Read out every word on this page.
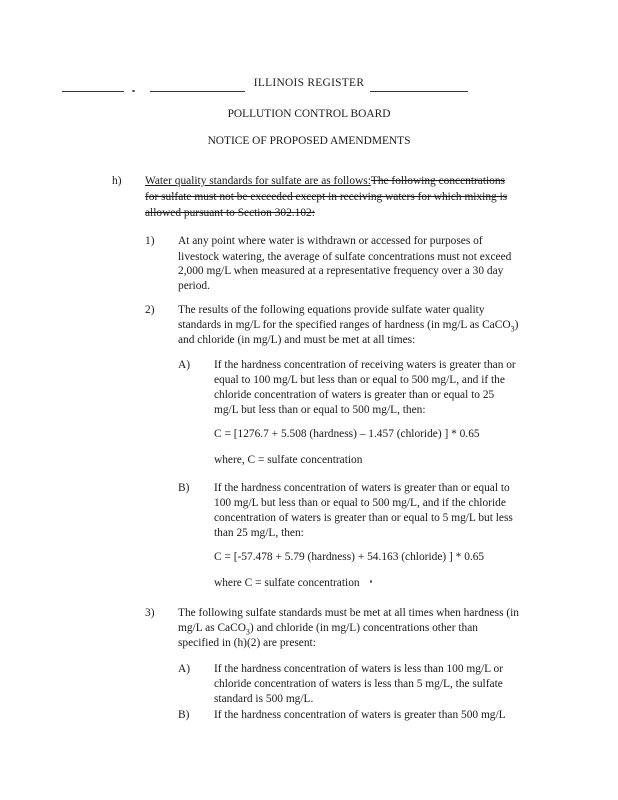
ILLINOIS REGISTER
POLLUTION CONTROL BOARD
NOTICE OF PROPOSED AMENDMENTS
h) Water quality standards for sulfate are as follows:The following concentrations
for sulfate must not be exceeded except in receiving waters for which mixing is
allowed pursuant to Section 302.102:
1) At any point where water is withdrawn or accessed for purposes of
livestock watering, the average of sulfate concentrations must not exceed
2,000 mg/L when measured at a representative frequency over a 30 day
period.
2) The results of the following equations provide sulfate water quality
standards in mg/L for the specified ranges of hardness (in mg/L as CaCO$_3$)
and chloride (in mg/L) and must be met at all times:
A) If the hardness concentration of receiving waters is greater than or
equal to 100 mg/L but less than or equal to 500 mg/L, and if the
chloride concentration of waters is greater than or equal to 25
mg/L but less than or equal to 500 mg/L, then:
C = [1276.7 + 5.508 (hardness) – 1.457 (chloride) ] * 0.65
where, C = sulfate concentration
B) If the hardness concentration of waters is greater than or equal to
100 mg/L but less than or equal to 500 mg/L, and if the chloride
concentration of waters is greater than or equal to 5 mg/L but less
than 25 mg/L, then:
C = [-57.478 + 5.79 (hardness) + 54.163 (chloride) ] * 0.65
where C = sulfate concentration
3) The following sulfate standards must be met at all times when hardness (in
mg/L as CaCO$_3$) and chloride (in mg/L) concentrations other than
specified in (h)(2) are present:
A) If the hardness concentration of waters is less than 100 mg/L or
chloride concentration of waters is less than 5 mg/L, the sulfate
standard is 500 mg/L.
B) If the hardness concentration of waters is greater than 500 mg/L
